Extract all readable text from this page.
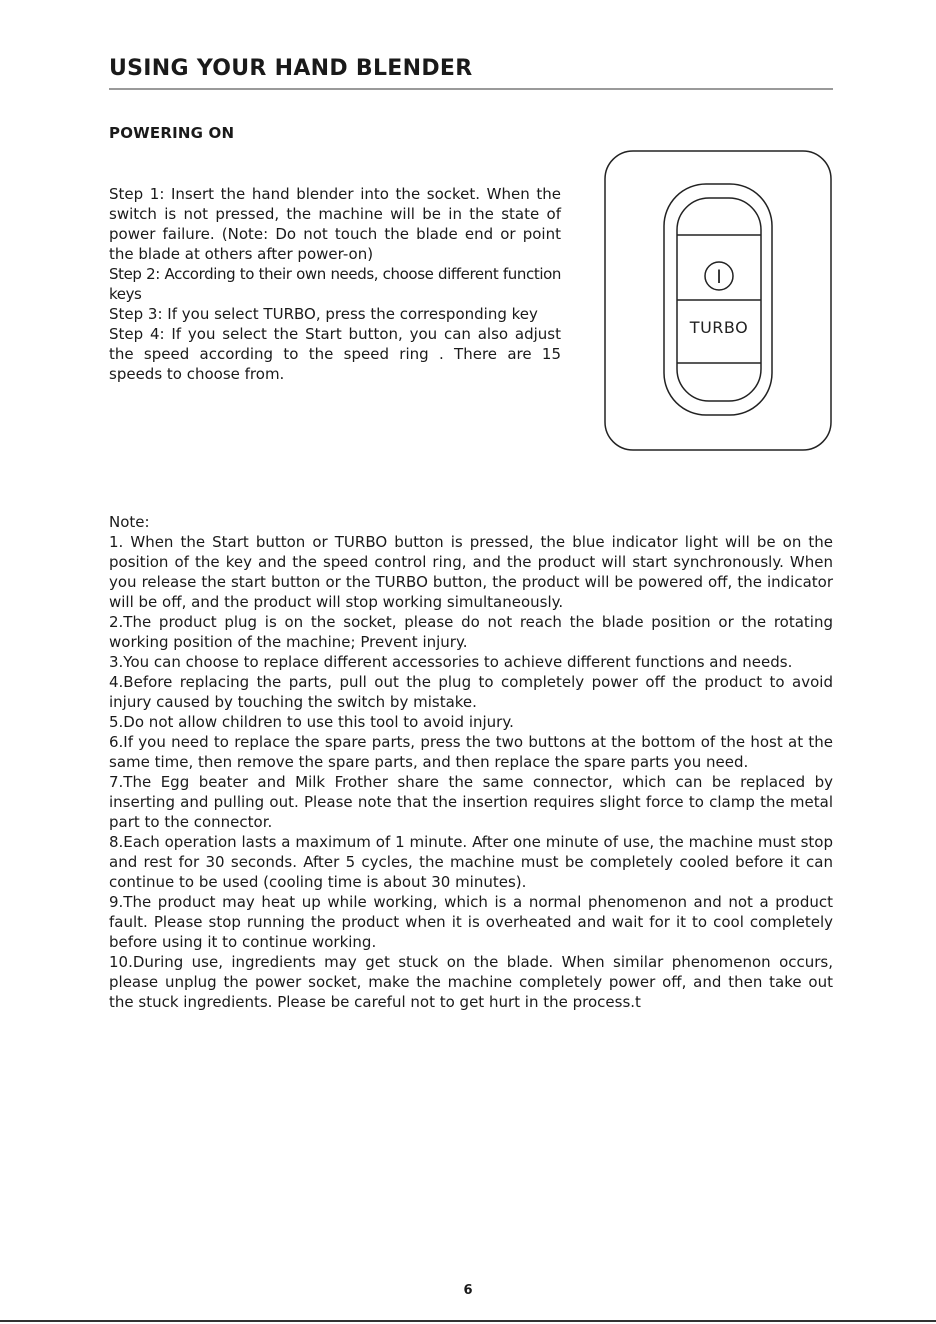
USING YOUR HAND BLENDER
POWERING ON

Step 1: Insert the hand blender into the socket. When the switch is not pressed, the machine will be in the state of power failure. (Note: Do not touch the blade end or point the blade at others after power-on)

Step 2: According to their own needs, choose different function keys

Step 3: If you select TURBO, press the corresponding key

Step 4: If you select the Start button, you can also adjust the speed according to the speed ring . There are 15 speeds to choose from.

I
TURBO

Note:

1. When the Start button or TURBO button is pressed, the blue indicator light will be on the position of the key and the speed control ring, and the product will start synchronously. When you release the start button or the TURBO button, the product will be powered off, the indicator will be off, and the product will stop working simultaneously.

2.The product plug is on the socket, please do not reach the blade position or the rotating working position of the machine; Prevent injury.

3.You can choose to replace different accessories to achieve different functions and needs.

4.Before replacing the parts, pull out the plug to completely power off the product to avoid injury caused by touching the switch by mistake.

5.Do not allow children to use this tool to avoid injury.

6.If you need to replace the spare parts, press the two buttons at the bottom of the host at the same time, then remove the spare parts, and then replace the spare parts you need.

7.The Egg beater and Milk Frother share the same connector, which can be replaced by inserting and pulling out. Please note that the insertion requires slight force to clamp the metal part to the connector.

8.Each operation lasts a maximum of 1 minute. After one minute of use, the machine must stop and rest for 30 seconds. After 5 cycles, the machine must be completely cooled before it can continue to be used (cooling time is about 30 minutes).

9.The product may heat up while working, which is a normal phenomenon and not a product fault. Please stop running the product when it is overheated and wait for it to cool completely before using it to continue working.

10.During use, ingredients may get stuck on the blade. When similar phenomenon occurs, please unplug the power socket, make the machine completely power off, and then take out the stuck ingredients. Please be careful not to get hurt in the process.t

6
